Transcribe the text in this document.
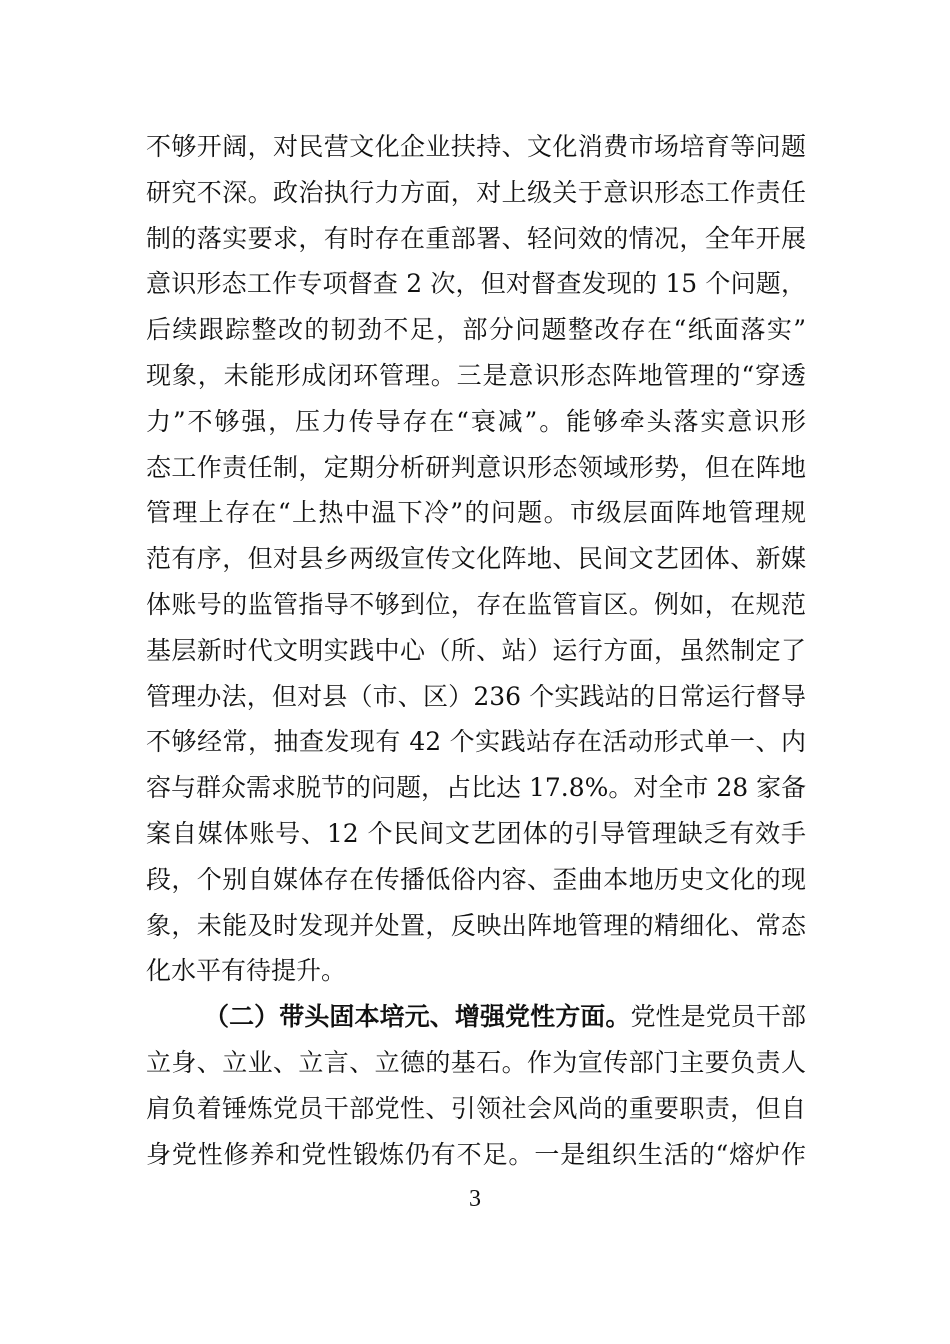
不够开阔，对民营文化企业扶持、文化消费市场培育等问题
研究不深。政治执行力方面，对上级关于意识形态工作责任
制的落实要求，有时存在重部署、轻问效的情况，全年开展
意识形态工作专项督查 2 次，但对督查发现的 15 个问题，
后续跟踪整改的韧劲不足，部分问题整改存在“纸面落实”
现象，未能形成闭环管理。三是意识形态阵地管理的“穿透
力”不够强，压力传导存在“衰减”。能够牵头落实意识形
态工作责任制，定期分析研判意识形态领域形势，但在阵地
管理上存在“上热中温下冷”的问题。市级层面阵地管理规
范有序，但对县乡两级宣传文化阵地、民间文艺团体、新媒
体账号的监管指导不够到位，存在监管盲区。例如，在规范
基层新时代文明实践中心（所、站）运行方面，虽然制定了
管理办法，但对县（市、区）236 个实践站的日常运行督导
不够经常，抽查发现有 42 个实践站存在活动形式单一、内
容与群众需求脱节的问题，占比达 17.8%。对全市 28 家备
案自媒体账号、12 个民间文艺团体的引导管理缺乏有效手
段，个别自媒体存在传播低俗内容、歪曲本地历史文化的现
象，未能及时发现并处置，反映出阵地管理的精细化、常态
化水平有待提升。
（二）带头固本培元、增强党性方面。党性是党员干部
立身、立业、立言、立德的基石。作为宣传部门主要负责人
肩负着锤炼党员干部党性、引领社会风尚的重要职责，但自
身党性修养和党性锻炼仍有不足。一是组织生活的“熔炉作
3
